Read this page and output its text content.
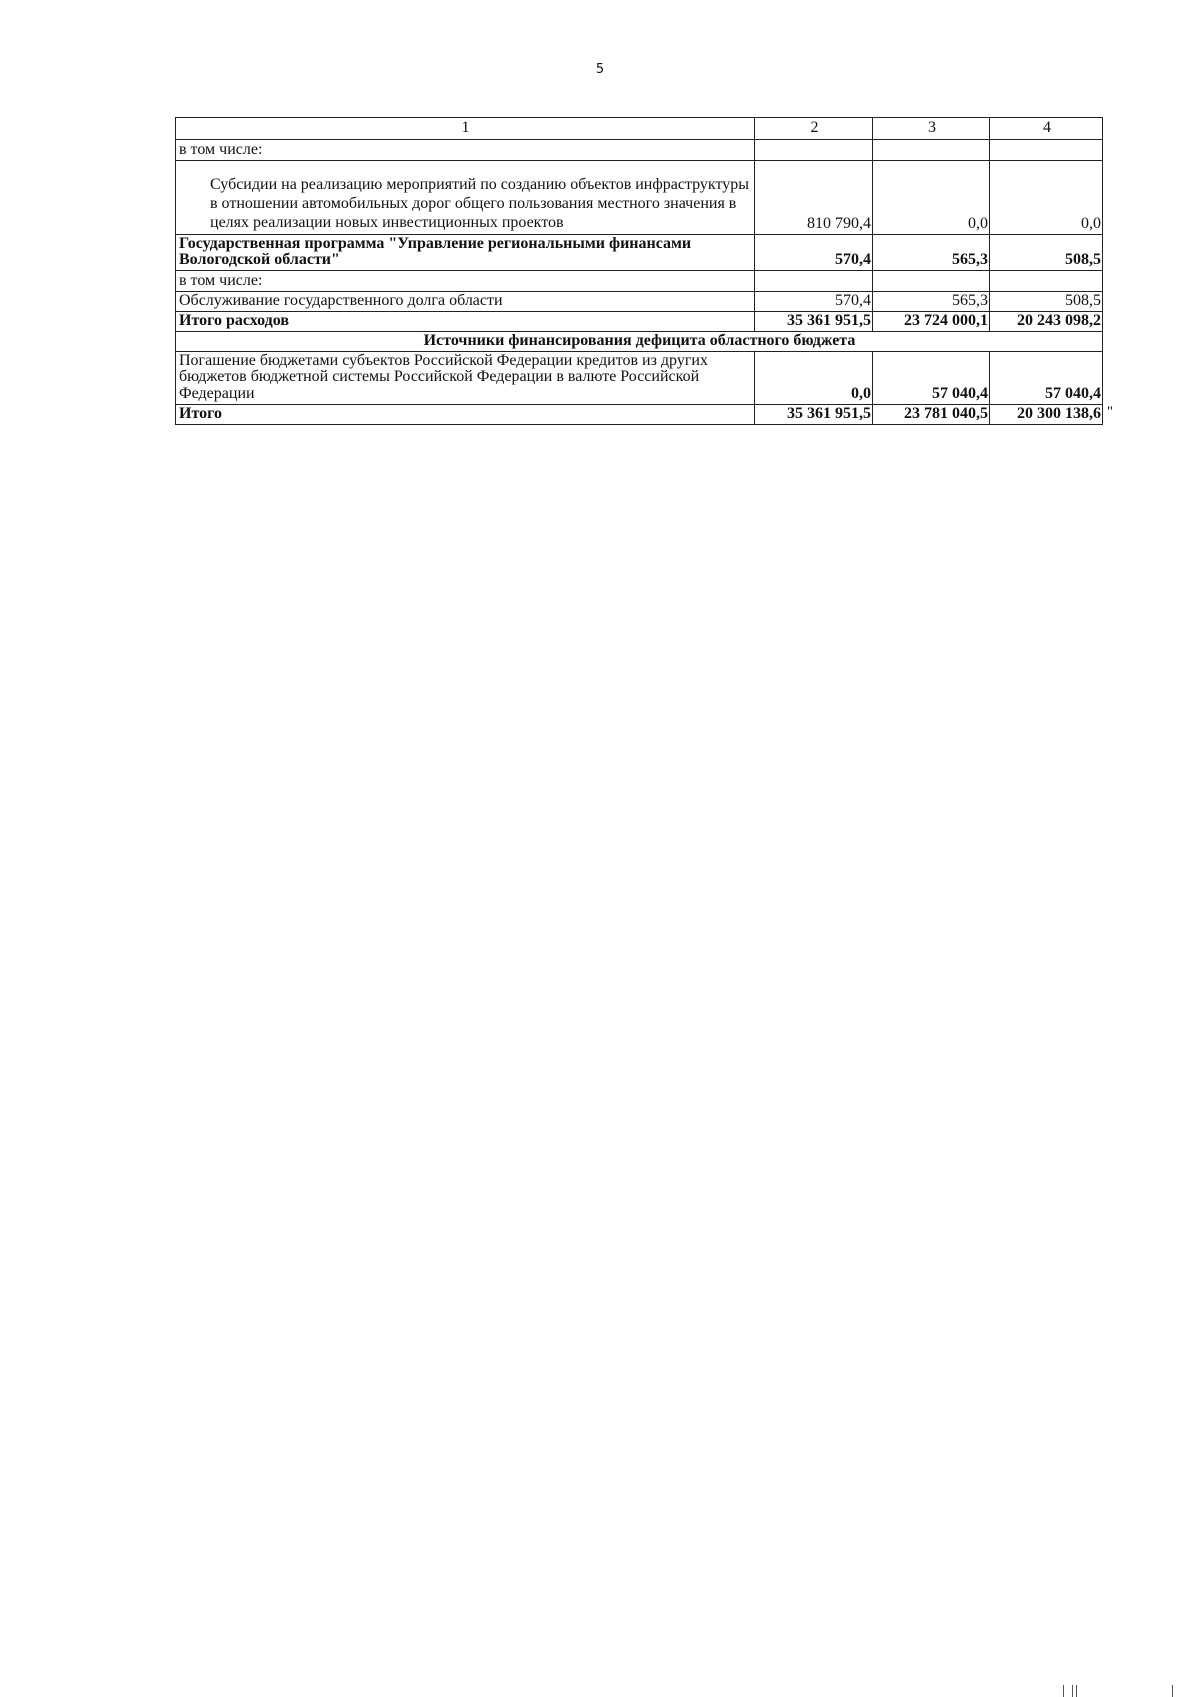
5
1	2	3	4
в том числе:			
Субсидии на реализацию мероприятий по созданию объектов инфраструктуры в отношении автомобильных дорог общего пользования местного значения в целях реализации новых инвестиционных проектов	810 790,4	0,0	0,0
Государственная программа "Управление региональными финансами Вологодской области"	570,4	565,3	508,5
в том числе:			
Обслуживание государственного долга области	570,4	565,3	508,5
Итого расходов	35 361 951,5	23 724 000,1	20 243 098,2
Источники финансирования дефицита областного бюджета			
Погашение бюджетами субъектов Российской Федерации кредитов из других бюджетов бюджетной системы Российской Федерации в валюте Российской Федерации	0,0	57 040,4	57 040,4
Итого	35 361 951,5	23 781 040,5	20 300 138,6 "
